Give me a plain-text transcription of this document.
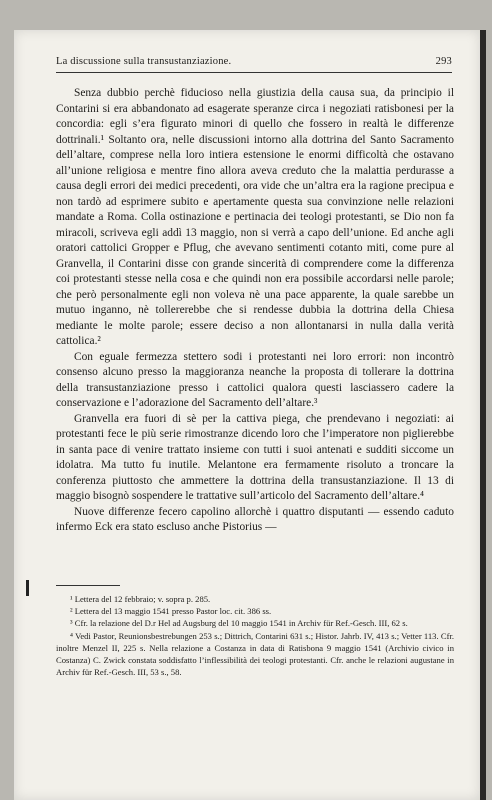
La discussione sulla transustanziazione.	293

Senza dubbio perchè fiducioso nella giustizia della causa sua, da principio il Contarini si era abbandonato ad esagerate speranze circa i negoziati ratisbonesi per la concordia: egli s’era figurato minori di quello che fossero in realtà le differenze dottrinali.¹ Soltanto ora, nelle discussioni intorno alla dottrina del Santo Sacramento dell’altare, comprese nella loro intiera estensione le enormi difficoltà che ostavano all’unione religiosa e mentre fino allora aveva creduto che la malattia perdurasse a causa degli errori dei medici precedenti, ora vide che un’altra era la ragione precipua e non tardò ad esprimere subito e apertamente questa sua convinzione nelle relazioni mandate a Roma. Colla ostinazione e pertinacia dei teologi protestanti, se Dio non fa miracoli, scriveva egli addì 13 maggio, non si verrà a capo dell’unione. Ed anche agli oratori cattolici Gropper e Pflug, che avevano sentimenti cotanto miti, come pure al Granvella, il Contarini disse con grande sincerità di comprendere come la differenza coi protestanti stesse nella cosa e che quindi non era possibile accordarsi nelle parole; che però personalmente egli non voleva nè una pace apparente, la quale sarebbe un mutuo inganno, nè tollererebbe che si rendesse dubbia la dottrina della Chiesa mediante le molte parole; essere deciso a non allontanarsi in nulla dalla verità cattolica.²

Con eguale fermezza stettero sodi i protestanti nei loro errori: non incontrò consenso alcuno presso la maggioranza neanche la proposta di tollerare la dottrina della transustanziazione presso i cattolici qualora questi lasciassero cadere la conservazione e l’adorazione del Sacramento dell’altare.³

Granvella era fuori di sè per la cattiva piega, che prendevano i negoziati: ai protestanti fece le più serie rimostranze dicendo loro che l’imperatore non piglierebbe in santa pace di venire trattato insieme con tutti i suoi antenati e sudditi siccome un idolatra. Ma tutto fu inutile. Melantone era fermamente risoluto a troncare la conferenza piuttosto che ammettere la dottrina della transustanziazione. Il 13 di maggio bisognò sospendere le trattative sull’articolo del Sacramento dell’altare.⁴

Nuove differenze fecero capolino allorchè i quattro disputanti — essendo caduto infermo Eck era stato escluso anche Pistorius —

¹ Lettera del 12 febbraio; v. sopra p. 285.

² Lettera del 13 maggio 1541 presso Pastor loc. cit. 386 ss.

³ Cfr. la relazione del D.r Hel ad Augsburg del 10 maggio 1541 in Archiv für Ref.-Gesch. III, 62 s.

⁴ Vedi Pastor, Reunionsbestrebungen 253 s.; Dittrich, Contarini 631 s.; Histor. Jahrb. IV, 413 s.; Vetter 113. Cfr. inoltre Menzel II, 225 s. Nella relazione a Costanza in data di Ratisbona 9 maggio 1541 (Archivio civico in Costanza) C. Zwick constata soddisfatto l’inflessibilità dei teologi protestanti. Cfr. anche le relazioni augustane in Archiv für Ref.-Gesch. III, 53 s., 58.
